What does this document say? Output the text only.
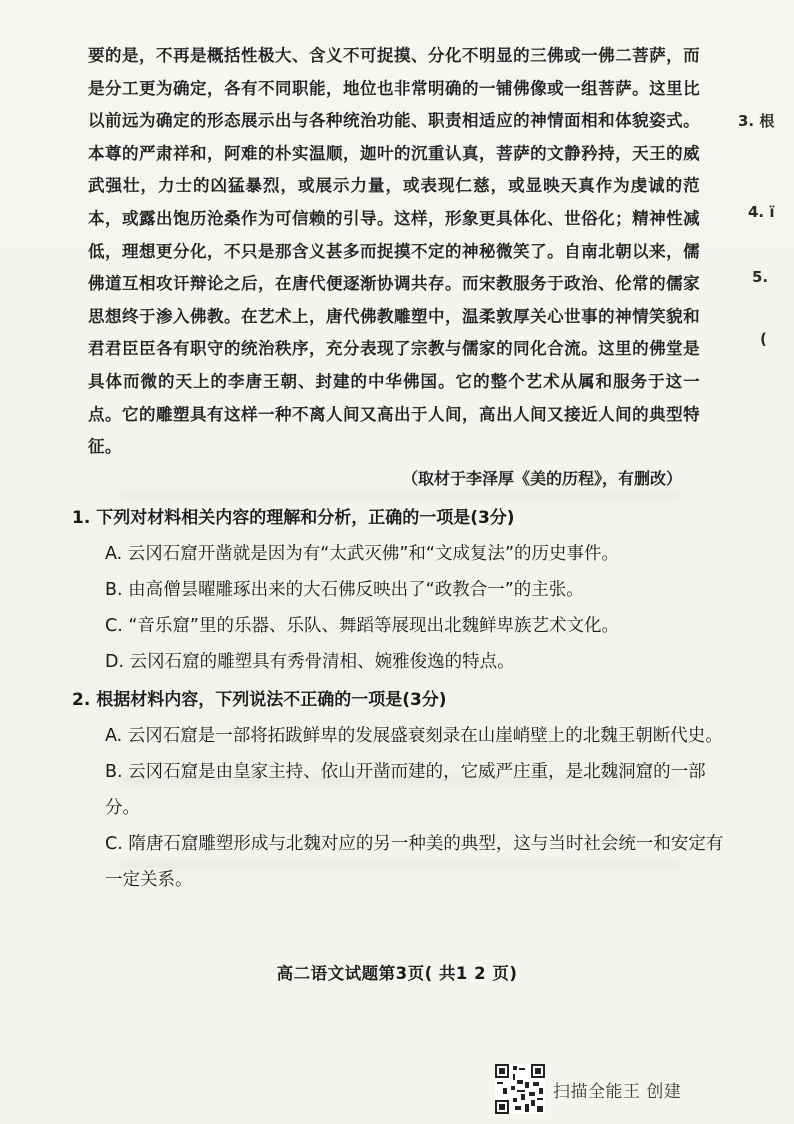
要的是，不再是概括性极大、含义不可捉摸、分化不明显的三佛或一佛二菩萨，而是分工更为确定，各有不同职能，地位也非常明确的一铺佛像或一组菩萨。这里比以前远为确定的形态展示出与各种统治功能、职责相适应的神情面相和体貌姿式。本尊的严肃祥和，阿难的朴实温顺，迦叶的沉重认真，菩萨的文静矜持，天王的威武强壮，力士的凶猛暴烈，或展示力量，或表现仁慈，或显映天真作为虔诚的范本，或露出饱历沧桑作为可信赖的引导。这样，形象更具体化、世俗化；精神性减低，理想更分化，不只是那含义甚多而捉摸不定的神秘微笑了。自南北朝以来，儒佛道互相攻讦辩论之后，在唐代便逐渐协调共存。而宋教服务于政治、伦常的儒家思想终于渗入佛教。在艺术上，唐代佛教雕塑中，温柔敦厚关心世事的神情笑貌和君君臣臣各有职守的统治秩序，充分表现了宗教与儒家的同化合流。这里的佛堂是具体而微的天上的李唐王朝、封建的中华佛国。它的整个艺术从属和服务于这一点。它的雕塑具有这样一种不离人间又高出于人间，高出人间又接近人间的典型特征。

（取材于李泽厚《美的历程》，有删改）

1. 下列对材料相关内容的理解和分析，正确的一项是(3分)

A. 云冈石窟开凿就是因为有“太武灭佛”和“文成复法”的历史事件。

B. 由高僧昙曜雕琢出来的大石佛反映出了“政教合一”的主张。

C. “音乐窟”里的乐器、乐队、舞蹈等展现出北魏鲜卑族艺术文化。

D. 云冈石窟的雕塑具有秀骨清相、婉雅俊逸的特点。

2. 根据材料内容，下列说法不正确的一项是(3分)

A. 云冈石窟是一部将拓跋鲜卑的发展盛衰刻录在山崖峭壁上的北魏王朝断代史。

B. 云冈石窟是由皇家主持、依山开凿而建的，它威严庄重，是北魏洞窟的一部分。

C. 隋唐石窟雕塑形成与北魏对应的另一种美的典型，这与当时社会统一和安定有一定关系。

高二语文试题第3页( 共1 2 页)
3. 根
4. ï
5.
(
扫描全能王 创建
